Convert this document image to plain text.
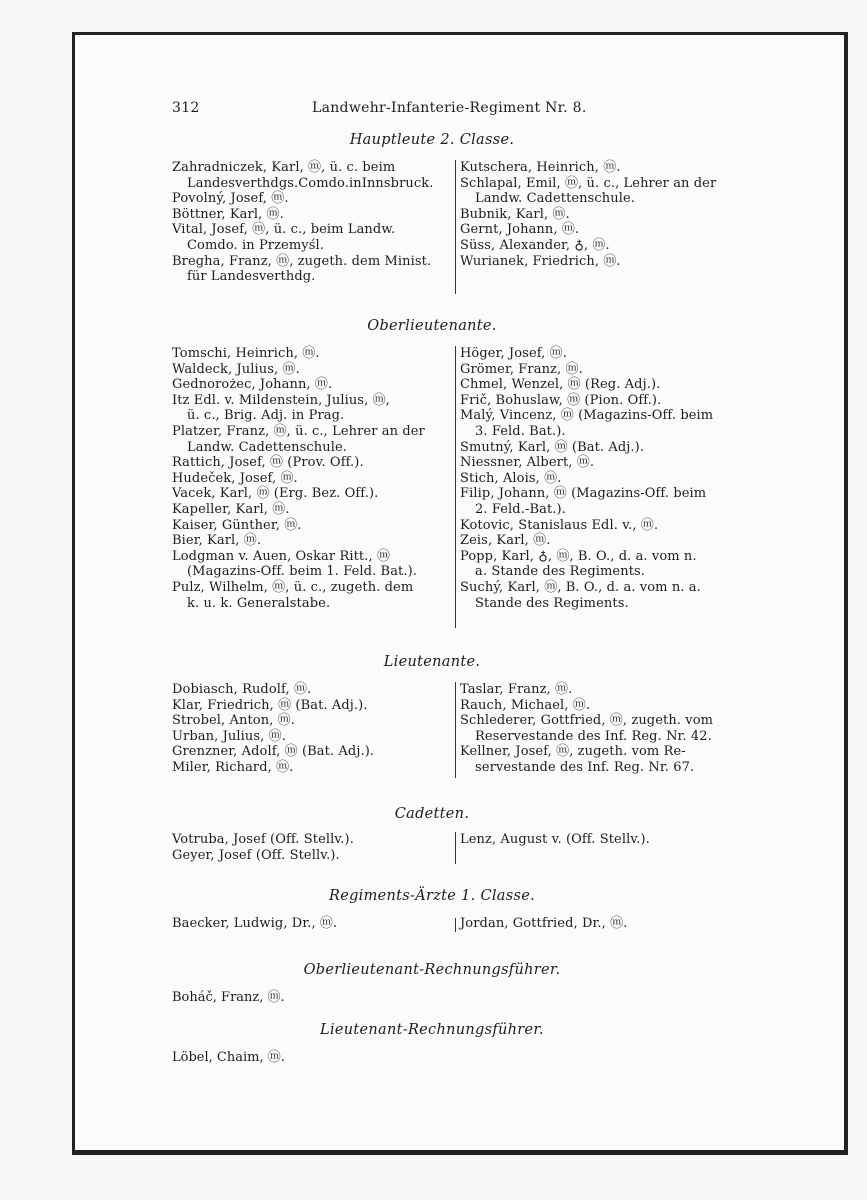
312	Landwehr-Infanterie-Regiment Nr. 8.
Hauptleute 2. Classe.
Zahradniczek, Karl, ⓜ, ü. c. beim
Landesverthdgs.Comdo.inInnsbruck.
Povolný, Josef, ⓜ.
Böttner, Karl, ⓜ.
Vital, Josef, ⓜ, ü. c., beim Landw.
Comdo. in Przemyśl.
Bregha, Franz, ⓜ, zugeth. dem Minist.
für Landesverthdg.
Kutschera, Heinrich, ⓜ.
Schlapal, Emil, ⓜ, ü. c., Lehrer an der
Landw. Cadettenschule.
Bubnik, Karl, ⓜ.
Gernt, Johann, ⓜ.
Süss, Alexander, ♁, ⓜ.
Wurianek, Friedrich, ⓜ.
Oberlieutenante.
Tomschi, Heinrich, ⓜ.
Waldeck, Julius, ⓜ.
Gednorożec, Johann, ⓜ.
Itz Edl. v. Mildenstein, Julius, ⓜ,
ü. c., Brig. Adj. in Prag.
Platzer, Franz, ⓜ, ü. c., Lehrer an der
Landw. Cadettenschule.
Rattich, Josef, ⓜ (Prov. Off.).
Hudeček, Josef, ⓜ.
Vacek, Karl, ⓜ (Erg. Bez. Off.).
Kapeller, Karl, ⓜ.
Kaiser, Günther, ⓜ.
Bier, Karl, ⓜ.
Lodgman v. Auen, Oskar Ritt., ⓜ
(Magazins-Off. beim 1. Feld. Bat.).
Pulz, Wilhelm, ⓜ, ü. c., zugeth. dem
k. u. k. Generalstabe.
Höger, Josef, ⓜ.
Grömer, Franz, ⓜ.
Chmel, Wenzel, ⓜ (Reg. Adj.).
Frič, Bohuslaw, ⓜ (Pion. Off.).
Malý, Vincenz, ⓜ (Magazins-Off. beim
3. Feld. Bat.).
Smutný, Karl, ⓜ (Bat. Adj.).
Niessner, Albert, ⓜ.
Stich, Alois, ⓜ.
Filip, Johann, ⓜ (Magazins-Off. beim
2. Feld.-Bat.).
Kotovic, Stanislaus Edl. v., ⓜ.
Zeis, Karl, ⓜ.
Popp, Karl, ♁, ⓜ, B. O., d. a. vom n.
a. Stande des Regiments.
Suchý, Karl, ⓜ, B. O., d. a. vom n. a.
Stande des Regiments.
Lieutenante.
Dobiasch, Rudolf, ⓜ.
Klar, Friedrich, ⓜ (Bat. Adj.).
Strobel, Anton, ⓜ.
Urban, Julius, ⓜ.
Grenzner, Adolf, ⓜ (Bat. Adj.).
Miler, Richard, ⓜ.
Taslar, Franz, ⓜ.
Rauch, Michael, ⓜ.
Schlederer, Gottfried, ⓜ, zugeth. vom
Reservestande des Inf. Reg. Nr. 42.
Kellner, Josef, ⓜ, zugeth. vom Re-
servestande des Inf. Reg. Nr. 67.
Cadetten.
Votruba, Josef (Off. Stellv.).
Geyer, Josef (Off. Stellv.).
Lenz, August v. (Off. Stellv.).
Regiments-Ärzte 1. Classe.
Baecker, Ludwig, Dr., ⓜ.	Jordan, Gottfried, Dr., ⓜ.
Oberlieutenant-Rechnungsführer.
Boháč, Franz, ⓜ.
Lieutenant-Rechnungsführer.
Löbel, Chaim, ⓜ.
